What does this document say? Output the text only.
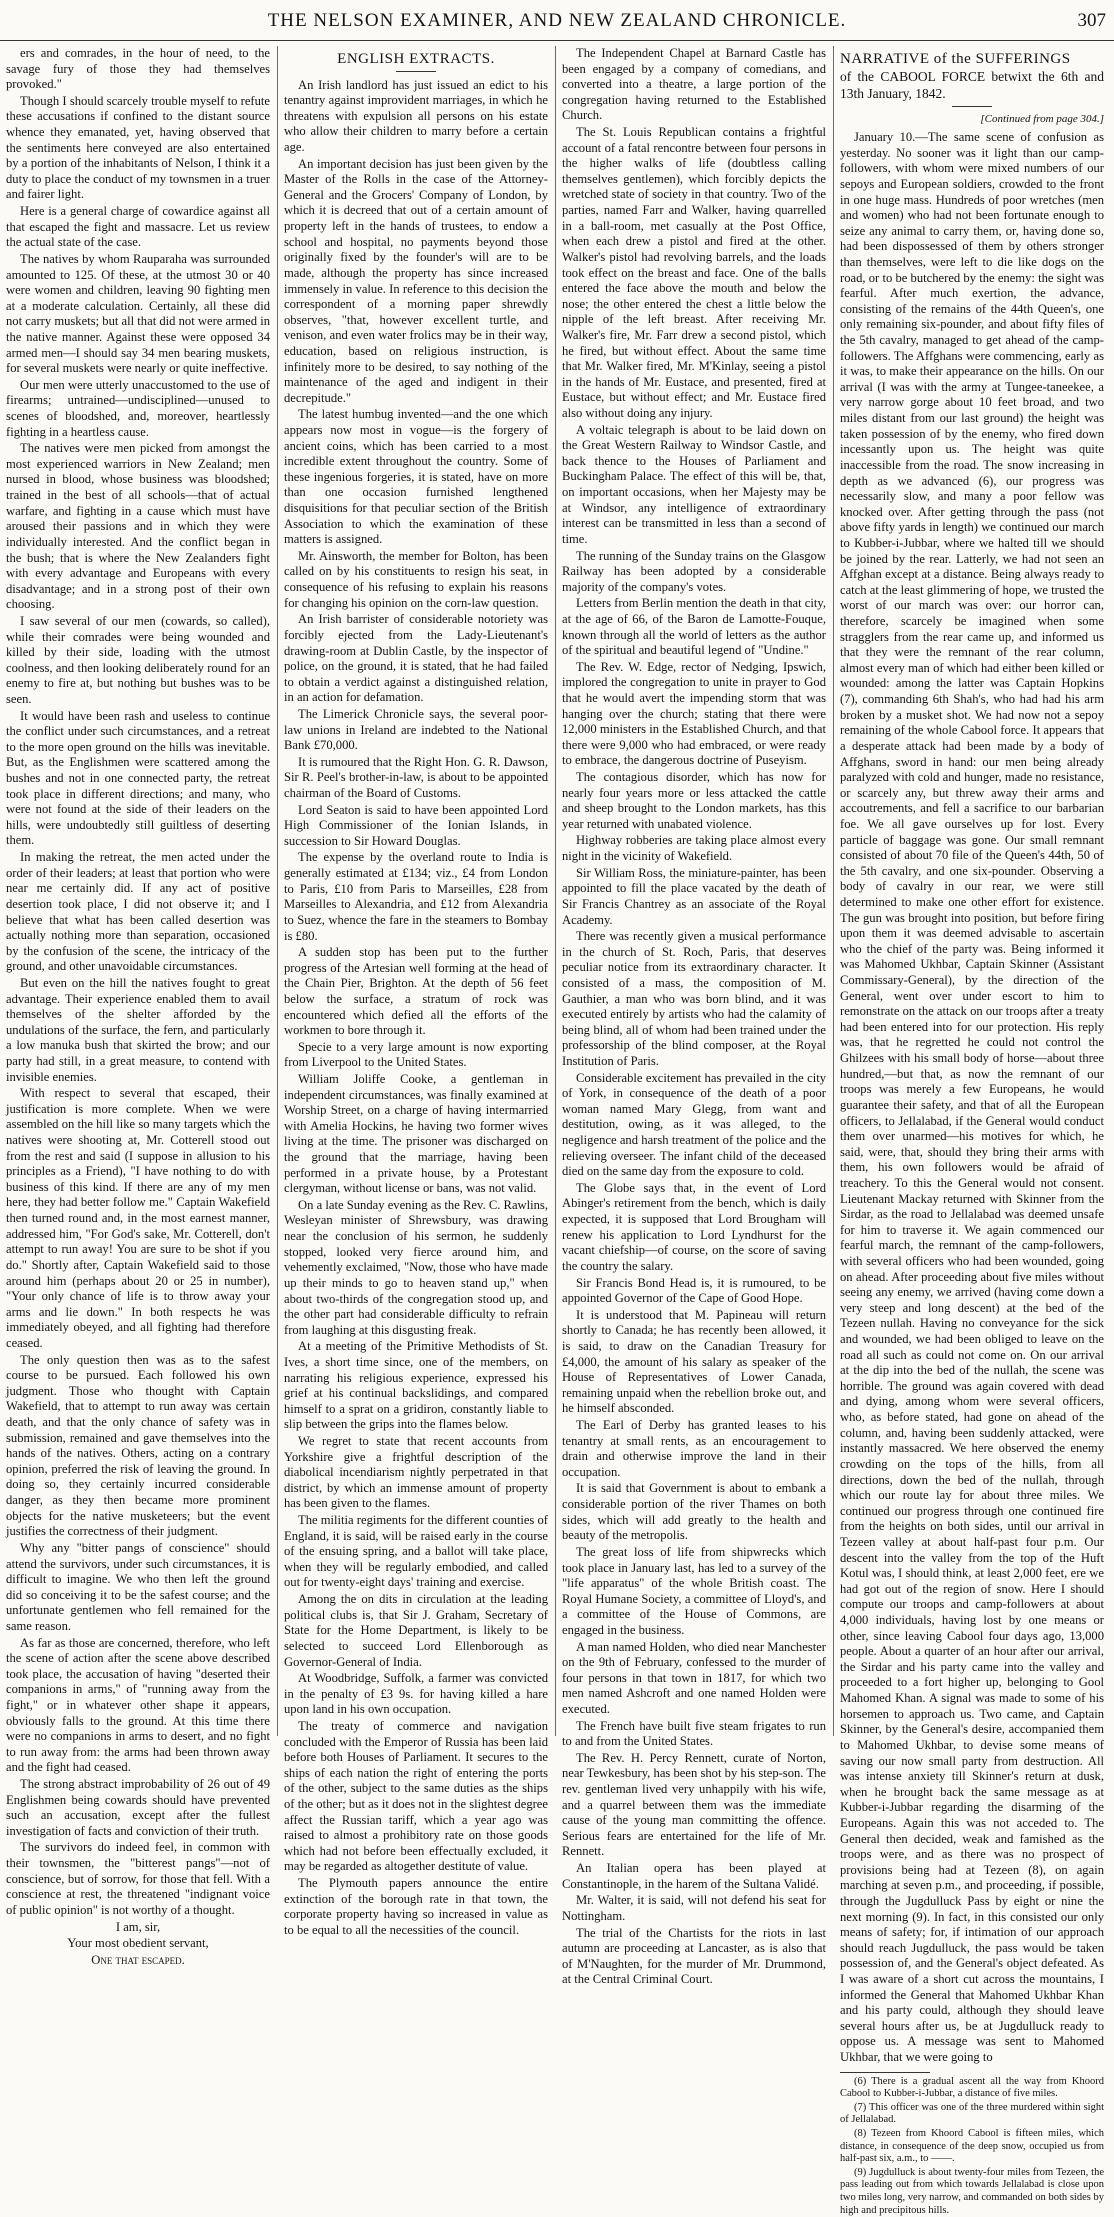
THE NELSON EXAMINER, AND NEW ZEALAND CHRONICLE.	307

ers and comrades, in the hour of need, to the savage fury of those they had themselves provoked."

Though I should scarcely trouble myself to refute these accusations if confined to the distant source whence they emanated, yet, having observed that the sentiments here conveyed are also entertained by a portion of the inhabitants of Nelson, I think it a duty to place the conduct of my townsmen in a truer and fairer light.

Here is a general charge of cowardice against all that escaped the fight and massacre. Let us review the actual state of the case.

The natives by whom Rauparaha was surrounded amounted to 125. Of these, at the utmost 30 or 40 were women and children, leaving 90 fighting men at a moderate calculation. Certainly, all these did not carry muskets; but all that did not were armed in the native manner. Against these were opposed 34 armed men—I should say 34 men bearing muskets, for several muskets were nearly or quite ineffective.

Our men were utterly unaccustomed to the use of firearms; untrained—undisciplined—unused to scenes of bloodshed, and, moreover, heartlessly fighting in a heartless cause.

The natives were men picked from amongst the most experienced warriors in New Zealand; men nursed in blood, whose business was bloodshed; trained in the best of all schools—that of actual warfare, and fighting in a cause which must have aroused their passions and in which they were individually interested. And the conflict began in the bush; that is where the New Zealanders fight with every advantage and Europeans with every disadvantage; and in a strong post of their own choosing.

I saw several of our men (cowards, so called), while their comrades were being wounded and killed by their side, loading with the utmost coolness, and then looking deliberately round for an enemy to fire at, but nothing but bushes was to be seen.

It would have been rash and useless to continue the conflict under such circumstances, and a retreat to the more open ground on the hills was inevitable. But, as the Englishmen were scattered among the bushes and not in one connected party, the retreat took place in different directions; and many, who were not found at the side of their leaders on the hills, were undoubtedly still guiltless of deserting them.

In making the retreat, the men acted under the order of their leaders; at least that portion who were near me certainly did. If any act of positive desertion took place, I did not observe it; and I believe that what has been called desertion was actually nothing more than separation, occasioned by the confusion of the scene, the intricacy of the ground, and other unavoidable circumstances.

But even on the hill the natives fought to great advantage. Their experience enabled them to avail themselves of the shelter afforded by the undulations of the surface, the fern, and particularly a low manuka bush that skirted the brow; and our party had still, in a great measure, to contend with invisible enemies.

With respect to several that escaped, their justification is more complete. When we were assembled on the hill like so many targets which the natives were shooting at, Mr. Cotterell stood out from the rest and said (I suppose in allusion to his principles as a Friend), "I have nothing to do with business of this kind. If there are any of my men here, they had better follow me." Captain Wakefield then turned round and, in the most earnest manner, addressed him, "For God's sake, Mr. Cotterell, don't attempt to run away! You are sure to be shot if you do." Shortly after, Captain Wakefield said to those around him (perhaps about 20 or 25 in number), "Your only chance of life is to throw away your arms and lie down." In both respects he was immediately obeyed, and all fighting had therefore ceased.

The only question then was as to the safest course to be pursued. Each followed his own judgment. Those who thought with Captain Wakefield, that to attempt to run away was certain death, and that the only chance of safety was in submission, remained and gave themselves into the hands of the natives. Others, acting on a contrary opinion, preferred the risk of leaving the ground. In doing so, they certainly incurred considerable danger, as they then became more prominent objects for the native musketeers; but the event justifies the correctness of their judgment.

Why any "bitter pangs of conscience" should attend the survivors, under such circumstances, it is difficult to imagine. We who then left the ground did so conceiving it to be the safest course; and the unfortunate gentlemen who fell remained for the same reason.

As far as those are concerned, therefore, who left the scene of action after the scene above described took place, the accusation of having "deserted their companions in arms," of "running away from the fight," or in whatever other shape it appears, obviously falls to the ground. At this time there were no companions in arms to desert, and no fight to run away from: the arms had been thrown away and the fight had ceased.

The strong abstract improbability of 26 out of 49 Englishmen being cowards should have prevented such an accusation, except after the fullest investigation of facts and conviction of their truth.

The survivors do indeed feel, in common with their townsmen, the "bitterest pangs"—not of conscience, but of sorrow, for those that fell. With a conscience at rest, the threatened "indignant voice of public opinion" is not worthy of a thought.

I am, sir,

Your most obedient servant,

One that escaped.

ENGLISH EXTRACTS.

An Irish landlord has just issued an edict to his tenantry against improvident marriages, in which he threatens with expulsion all persons on his estate who allow their children to marry before a certain age.

An important decision has just been given by the Master of the Rolls in the case of the Attorney-General and the Grocers' Company of London, by which it is decreed that out of a certain amount of property left in the hands of trustees, to endow a school and hospital, no payments beyond those originally fixed by the founder's will are to be made, although the property has since increased immensely in value. In reference to this decision the correspondent of a morning paper shrewdly observes, "that, however excellent turtle, and venison, and even water frolics may be in their way, education, based on religious instruction, is infinitely more to be desired, to say nothing of the maintenance of the aged and indigent in their decrepitude."

The latest humbug invented—and the one which appears now most in vogue—is the forgery of ancient coins, which has been carried to a most incredible extent throughout the country. Some of these ingenious forgeries, it is stated, have on more than one occasion furnished lengthened disquisitions for that peculiar section of the British Association to which the examination of these matters is assigned.

Mr. Ainsworth, the member for Bolton, has been called on by his constituents to resign his seat, in consequence of his refusing to explain his reasons for changing his opinion on the corn-law question.

An Irish barrister of considerable notoriety was forcibly ejected from the Lady-Lieutenant's drawing-room at Dublin Castle, by the inspector of police, on the ground, it is stated, that he had failed to obtain a verdict against a distinguished relation, in an action for defamation.

The Limerick Chronicle says, the several poor-law unions in Ireland are indebted to the National Bank £70,000.

It is rumoured that the Right Hon. G. R. Dawson, Sir R. Peel's brother-in-law, is about to be appointed chairman of the Board of Customs.

Lord Seaton is said to have been appointed Lord High Commissioner of the Ionian Islands, in succession to Sir Howard Douglas.

The expense by the overland route to India is generally estimated at £134; viz., £4 from London to Paris, £10 from Paris to Marseilles, £28 from Marseilles to Alexandria, and £12 from Alexandria to Suez, whence the fare in the steamers to Bombay is £80.

A sudden stop has been put to the further progress of the Artesian well forming at the head of the Chain Pier, Brighton. At the depth of 56 feet below the surface, a stratum of rock was encountered which defied all the efforts of the workmen to bore through it.

Specie to a very large amount is now exporting from Liverpool to the United States.

William Joliffe Cooke, a gentleman in independent circumstances, was finally examined at Worship Street, on a charge of having intermarried with Amelia Hockins, he having two former wives living at the time. The prisoner was discharged on the ground that the marriage, having been performed in a private house, by a Protestant clergyman, without license or bans, was not valid.

On a late Sunday evening as the Rev. C. Rawlins, Wesleyan minister of Shrewsbury, was drawing near the conclusion of his sermon, he suddenly stopped, looked very fierce around him, and vehemently exclaimed, "Now, those who have made up their minds to go to heaven stand up," when about two-thirds of the congregation stood up, and the other part had considerable difficulty to refrain from laughing at this disgusting freak.

At a meeting of the Primitive Methodists of St. Ives, a short time since, one of the members, on narrating his religious experience, expressed his grief at his continual backslidings, and compared himself to a sprat on a gridiron, constantly liable to slip between the grips into the flames below.

We regret to state that recent accounts from Yorkshire give a frightful description of the diabolical incendiarism nightly perpetrated in that district, by which an immense amount of property has been given to the flames.

The militia regiments for the different counties of England, it is said, will be raised early in the course of the ensuing spring, and a ballot will take place, when they will be regularly embodied, and called out for twenty-eight days' training and exercise.

Among the on dits in circulation at the leading political clubs is, that Sir J. Graham, Secretary of State for the Home Department, is likely to be selected to succeed Lord Ellenborough as Governor-General of India.

At Woodbridge, Suffolk, a farmer was convicted in the penalty of £3 9s. for having killed a hare upon land in his own occupation.

The treaty of commerce and navigation concluded with the Emperor of Russia has been laid before both Houses of Parliament. It secures to the ships of each nation the right of entering the ports of the other, subject to the same duties as the ships of the other; but as it does not in the slightest degree affect the Russian tariff, which a year ago was raised to almost a prohibitory rate on those goods which had not before been effectually excluded, it may be regarded as altogether destitute of value.

The Plymouth papers announce the entire extinction of the borough rate in that town, the corporate property having so increased in value as to be equal to all the necessities of the council.

The Independent Chapel at Barnard Castle has been engaged by a company of comedians, and converted into a theatre, a large portion of the congregation having returned to the Established Church.

The St. Louis Republican contains a frightful account of a fatal rencontre between four persons in the higher walks of life (doubtless calling themselves gentlemen), which forcibly depicts the wretched state of society in that country. Two of the parties, named Farr and Walker, having quarrelled in a ball-room, met casually at the Post Office, when each drew a pistol and fired at the other. Walker's pistol had revolving barrels, and the loads took effect on the breast and face. One of the balls entered the face above the mouth and below the nose; the other entered the chest a little below the nipple of the left breast. After receiving Mr. Walker's fire, Mr. Farr drew a second pistol, which he fired, but without effect. About the same time that Mr. Walker fired, Mr. M'Kinlay, seeing a pistol in the hands of Mr. Eustace, and presented, fired at Eustace, but without effect; and Mr. Eustace fired also without doing any injury.

A voltaic telegraph is about to be laid down on the Great Western Railway to Windsor Castle, and back thence to the Houses of Parliament and Buckingham Palace. The effect of this will be, that, on important occasions, when her Majesty may be at Windsor, any intelligence of extraordinary interest can be transmitted in less than a second of time.

The running of the Sunday trains on the Glasgow Railway has been adopted by a considerable majority of the company's votes.

Letters from Berlin mention the death in that city, at the age of 66, of the Baron de Lamotte-Fouque, known through all the world of letters as the author of the spiritual and beautiful legend of "Undine."

The Rev. W. Edge, rector of Nedging, Ipswich, implored the congregation to unite in prayer to God that he would avert the impending storm that was hanging over the church; stating that there were 12,000 ministers in the Established Church, and that there were 9,000 who had embraced, or were ready to embrace, the dangerous doctrine of Puseyism.

The contagious disorder, which has now for nearly four years more or less attacked the cattle and sheep brought to the London markets, has this year returned with unabated violence.

Highway robberies are taking place almost every night in the vicinity of Wakefield.

Sir William Ross, the miniature-painter, has been appointed to fill the place vacated by the death of Sir Francis Chantrey as an associate of the Royal Academy.

There was recently given a musical performance in the church of St. Roch, Paris, that deserves peculiar notice from its extraordinary character. It consisted of a mass, the composition of M. Gauthier, a man who was born blind, and it was executed entirely by artists who had the calamity of being blind, all of whom had been trained under the professorship of the blind composer, at the Royal Institution of Paris.

Considerable excitement has prevailed in the city of York, in consequence of the death of a poor woman named Mary Glegg, from want and destitution, owing, as it was alleged, to the negligence and harsh treatment of the police and the relieving overseer. The infant child of the deceased died on the same day from the exposure to cold.

The Globe says that, in the event of Lord Abinger's retirement from the bench, which is daily expected, it is supposed that Lord Brougham will renew his application to Lord Lyndhurst for the vacant chiefship—of course, on the score of saving the country the salary.

Sir Francis Bond Head is, it is rumoured, to be appointed Governor of the Cape of Good Hope.

It is understood that M. Papineau will return shortly to Canada; he has recently been allowed, it is said, to draw on the Canadian Treasury for £4,000, the amount of his salary as speaker of the House of Representatives of Lower Canada, remaining unpaid when the rebellion broke out, and he himself absconded.

The Earl of Derby has granted leases to his tenantry at small rents, as an encouragement to drain and otherwise improve the land in their occupation.

It is said that Government is about to embank a considerable portion of the river Thames on both sides, which will add greatly to the health and beauty of the metropolis.

The great loss of life from shipwrecks which took place in January last, has led to a survey of the "life apparatus" of the whole British coast. The Royal Humane Society, a committee of Lloyd's, and a committee of the House of Commons, are engaged in the business.

A man named Holden, who died near Manchester on the 9th of February, confessed to the murder of four persons in that town in 1817, for which two men named Ashcroft and one named Holden were executed.

The French have built five steam frigates to run to and from the United States.

The Rev. H. Percy Rennett, curate of Norton, near Tewkesbury, has been shot by his step-son. The rev. gentleman lived very unhappily with his wife, and a quarrel between them was the immediate cause of the young man committing the offence. Serious fears are entertained for the life of Mr. Rennett.

An Italian opera has been played at Constantinople, in the harem of the Sultana Validé.

Mr. Walter, it is said, will not defend his seat for Nottingham.

The trial of the Chartists for the riots in last autumn are proceeding at Lancaster, as is also that of M'Naughten, for the murder of Mr. Drummond, at the Central Criminal Court.

NARRATIVE of the SUFFERINGS
of the CABOOL FORCE betwixt the 6th and 13th January, 1842.
[Continued from page 304.]

January 10.—The same scene of confusion as yesterday. No sooner was it light than our camp-followers, with whom were mixed numbers of our sepoys and European soldiers, crowded to the front in one huge mass. Hundreds of poor wretches (men and women) who had not been fortunate enough to seize any animal to carry them, or, having done so, had been dispossessed of them by others stronger than themselves, were left to die like dogs on the road, or to be butchered by the enemy: the sight was fearful. After much exertion, the advance, consisting of the remains of the 44th Queen's, one only remaining six-pounder, and about fifty files of the 5th cavalry, managed to get ahead of the camp-followers. The Affghans were commencing, early as it was, to make their appearance on the hills. On our arrival (I was with the army at Tungee-taneekee, a very narrow gorge about 10 feet broad, and two miles distant from our last ground) the height was taken possession of by the enemy, who fired down incessantly upon us. The height was quite inaccessible from the road. The snow increasing in depth as we advanced (6), our progress was necessarily slow, and many a poor fellow was knocked over. After getting through the pass (not above fifty yards in length) we continued our march to Kubber-i-Jubbar, where we halted till we should be joined by the rear. Latterly, we had not seen an Affghan except at a distance. Being always ready to catch at the least glimmering of hope, we trusted the worst of our march was over: our horror can, therefore, scarcely be imagined when some stragglers from the rear came up, and informed us that they were the remnant of the rear column, almost every man of which had either been killed or wounded: among the latter was Captain Hopkins (7), commanding 6th Shah's, who had had his arm broken by a musket shot. We had now not a sepoy remaining of the whole Cabool force. It appears that a desperate attack had been made by a body of Affghans, sword in hand: our men being already paralyzed with cold and hunger, made no resistance, or scarcely any, but threw away their arms and accoutrements, and fell a sacrifice to our barbarian foe. We all gave ourselves up for lost. Every particle of baggage was gone. Our small remnant consisted of about 70 file of the Queen's 44th, 50 of the 5th cavalry, and one six-pounder. Observing a body of cavalry in our rear, we were still determined to make one other effort for existence. The gun was brought into position, but before firing upon them it was deemed advisable to ascertain who the chief of the party was. Being informed it was Mahomed Ukhbar, Captain Skinner (Assistant Commissary-General), by the direction of the General, went over under escort to him to remonstrate on the attack on our troops after a treaty had been entered into for our protection. His reply was, that he regretted he could not control the Ghilzees with his small body of horse—about three hundred,—but that, as now the remnant of our troops was merely a few Europeans, he would guarantee their safety, and that of all the European officers, to Jellalabad, if the General would conduct them over unarmed—his motives for which, he said, were, that, should they bring their arms with them, his own followers would be afraid of treachery. To this the General would not consent. Lieutenant Mackay returned with Skinner from the Sirdar, as the road to Jellalabad was deemed unsafe for him to traverse it. We again commenced our fearful march, the remnant of the camp-followers, with several officers who had been wounded, going on ahead. After proceeding about five miles without seeing any enemy, we arrived (having come down a very steep and long descent) at the bed of the Tezeen nullah. Having no conveyance for the sick and wounded, we had been obliged to leave on the road all such as could not come on. On our arrival at the dip into the bed of the nullah, the scene was horrible. The ground was again covered with dead and dying, among whom were several officers, who, as before stated, had gone on ahead of the column, and, having been suddenly attacked, were instantly massacred. We here observed the enemy crowding on the tops of the hills, from all directions, down the bed of the nullah, through which our route lay for about three miles. We continued our progress through one continued fire from the heights on both sides, until our arrival in Tezeen valley at about half-past four p.m. Our descent into the valley from the top of the Huft Kotul was, I should think, at least 2,000 feet, ere we had got out of the region of snow. Here I should compute our troops and camp-followers at about 4,000 individuals, having lost by one means or other, since leaving Cabool four days ago, 13,000 people. About a quarter of an hour after our arrival, the Sirdar and his party came into the valley and proceeded to a fort higher up, belonging to Gool Mahomed Khan. A signal was made to some of his horsemen to approach us. Two came, and Captain Skinner, by the General's desire, accompanied them to Mahomed Ukhbar, to devise some means of saving our now small party from destruction. All was intense anxiety till Skinner's return at dusk, when he brought back the same message as at Kubber-i-Jubbar regarding the disarming of the Europeans. Again this was not acceded to. The General then decided, weak and famished as the troops were, and as there was no prospect of provisions being had at Tezeen (8), on again marching at seven p.m., and proceeding, if possible, through the Jugdulluck Pass by eight or nine the next morning (9). In fact, in this consisted our only means of safety; for, if intimation of our approach should reach Jugdulluck, the pass would be taken possession of, and the General's object defeated. As I was aware of a short cut across the mountains, I informed the General that Mahomed Ukhbar Khan and his party could, although they should leave several hours after us, be at Jugdulluck ready to oppose us. A message was sent to Mahomed Ukhbar, that we were going to

(6) There is a gradual ascent all the way from Khoord Cabool to Kubber-i-Jubbar, a distance of five miles.

(7) This officer was one of the three murdered within sight of Jellalabad.

(8) Tezeen from Khoord Cabool is fifteen miles, which distance, in consequence of the deep snow, occupied us from half-past six, a.m., to ——.

(9) Jugdulluck is about twenty-four miles from Tezeen, the pass leading out from which towards Jellalabad is close upon two miles long, very narrow, and commanded on both sides by high and precipitous hills.
